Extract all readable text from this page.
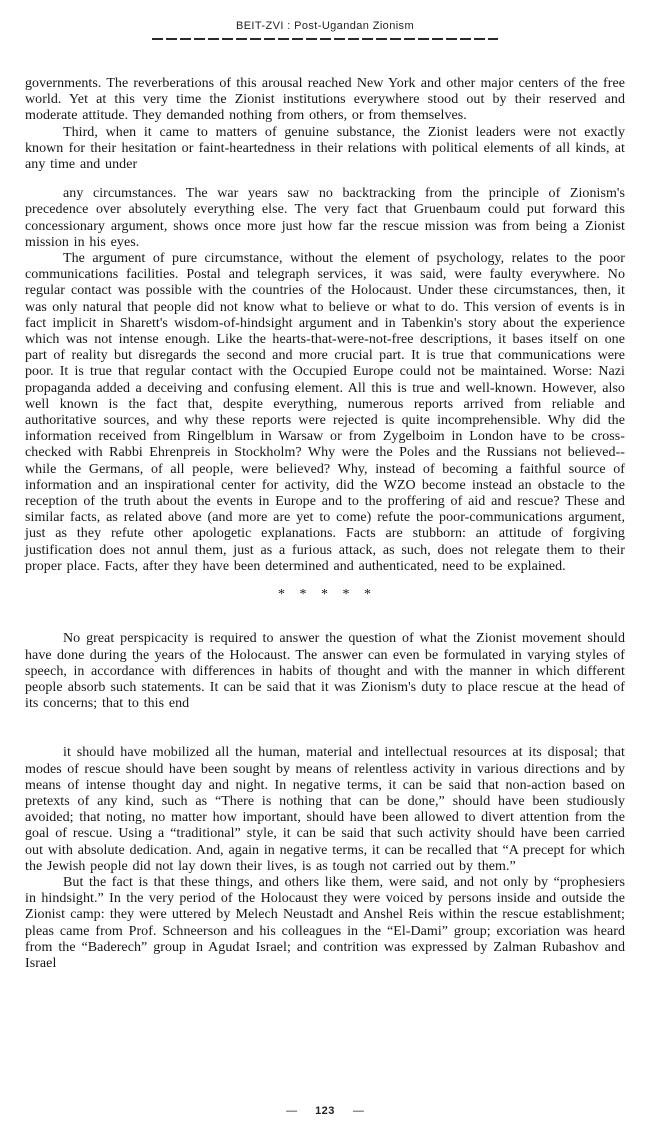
BEIT-ZVI : Post-Ugandan Zionism

governments. The reverberations of this arousal reached New York and other major centers of the free world. Yet at this very time the Zionist institutions everywhere stood out by their reserved and moderate attitude. They demanded nothing from others, or from themselves.

Third, when it came to matters of genuine substance, the Zionist leaders were not exactly known for their hesitation or faint-heartedness in their relations with political elements of all kinds, at any time and under

any circumstances. The war years saw no backtracking from the principle of Zionism's precedence over absolutely everything else. The very fact that Gruenbaum could put forward this concessionary argument, shows once more just how far the rescue mission was from being a Zionist mission in his eyes.

The argument of pure circumstance, without the element of psychology, relates to the poor communications facilities. Postal and telegraph services, it was said, were faulty everywhere. No regular contact was possible with the countries of the Holocaust. Under these circumstances, then, it was only natural that people did not know what to believe or what to do. This version of events is in fact implicit in Sharett's wisdom-of-hindsight argument and in Tabenkin's story about the experience which was not intense enough. Like the hearts-that-were-not-free descriptions, it bases itself on one part of reality but disregards the second and more crucial part. It is true that communications were poor. It is true that regular contact with the Occupied Europe could not be maintained. Worse: Nazi propaganda added a deceiving and confusing element. All this is true and well-known. However, also well known is the fact that, despite everything, numerous reports arrived from reliable and authoritative sources, and why these reports were rejected is quite incomprehensible. Why did the information received from Ringelblum in Warsaw or from Zygelboim in London have to be cross-checked with Rabbi Ehrenpreis in Stockholm? Why were the Poles and the Russians not believed--while the Germans, of all people, were believed? Why, instead of becoming a faithful source of information and an inspirational center for activity, did the WZO become instead an obstacle to the reception of the truth about the events in Europe and to the proffering of aid and rescue? These and similar facts, as related above (and more are yet to come) refute the poor-communications argument, just as they refute other apologetic explanations. Facts are stubborn: an attitude of forgiving justification does not annul them, just as a furious attack, as such, does not relegate them to their proper place. Facts, after they have been determined and authenticated, need to be explained.

* * * * *

No great perspicacity is required to answer the question of what the Zionist movement should have done during the years of the Holocaust. The answer can even be formulated in varying styles of speech, in accordance with differences in habits of thought and with the manner in which different people absorb such statements. It can be said that it was Zionism's duty to place rescue at the head of its concerns; that to this end

it should have mobilized all the human, material and intellectual resources at its disposal; that modes of rescue should have been sought by means of relentless activity in various directions and by means of intense thought day and night. In negative terms, it can be said that non-action based on pretexts of any kind, such as “There is nothing that can be done,” should have been studiously avoided; that noting, no matter how important, should have been allowed to divert attention from the goal of rescue. Using a “traditional” style, it can be said that such activity should have been carried out with absolute dedication. And, again in negative terms, it can be recalled that “A precept for which the Jewish people did not lay down their lives, is as tough not carried out by them.”

But the fact is that these things, and others like them, were said, and not only by “prophesiers in hindsight.” In the very period of the Holocaust they were voiced by persons inside and outside the Zionist camp: they were uttered by Melech Neustadt and Anshel Reis within the rescue establishment; pleas came from Prof. Schneerson and his colleagues in the “El-Dami” group; excoriation was heard from the “Baderech” group in Agudat Israel; and contrition was expressed by Zalman Rubashov and Israel

— 123 —
